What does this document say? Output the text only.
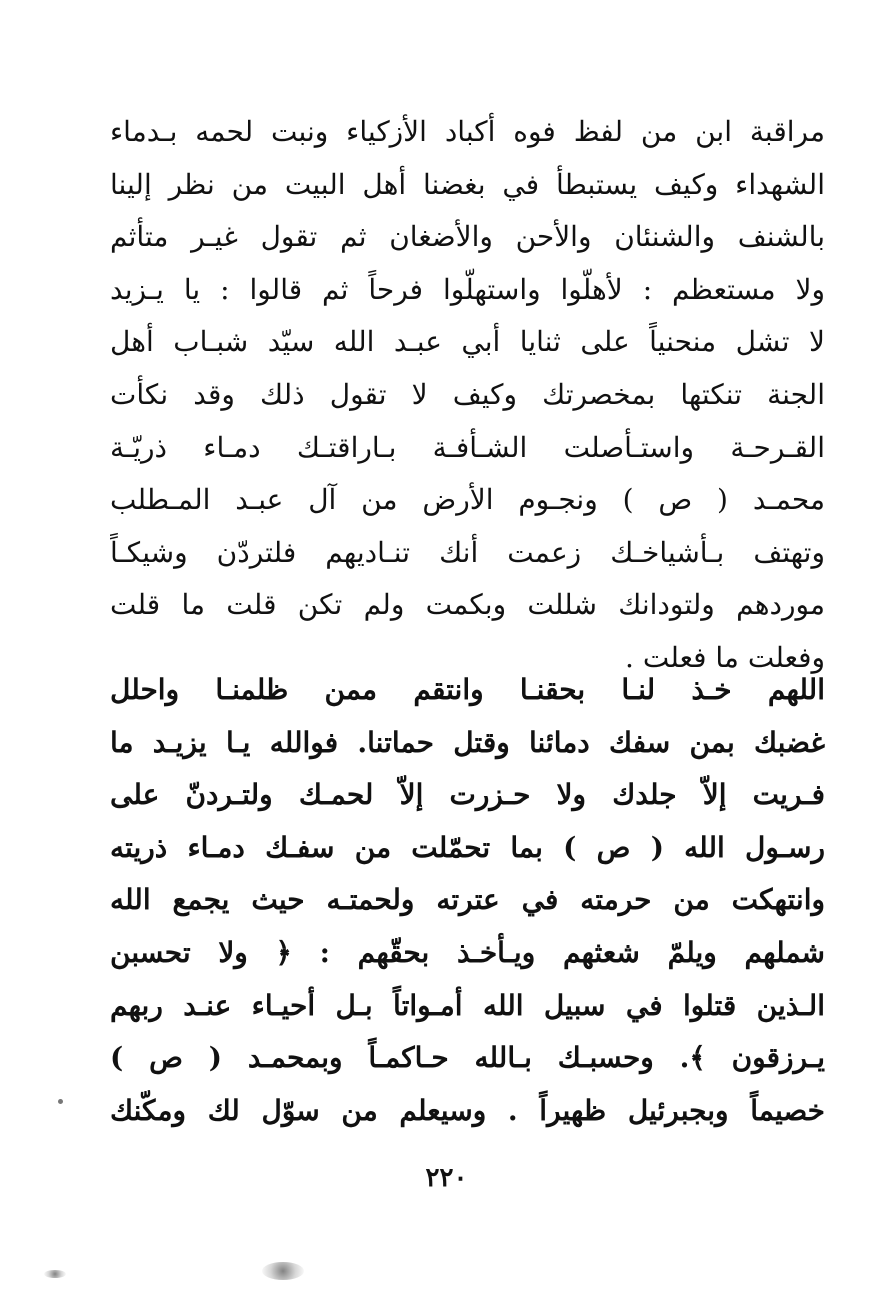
مراقبة ابن من لفظ فوه أكباد الأزكياء ونبت لحمه بـدماء
الشهداء وكيف يستبطأ في بغضنا أهل البيت من نظر إلينا
بالشنف والشنئان والأحن والأضغان ثم تقول غيـر متأثم
ولا مستعظم : لأهلّوا واستهلّوا فرحاً ثم قالوا : يا يـزيد
لا تشل منحنياً على ثنايا أبي عبـد الله سيّد شبـاب أهل
الجنة تنكتها بمخصرتك وكيف لا تقول ذلك وقد نكأت
القـرحـة واستـأصلت الشـأفـة بـاراقتـك دمـاء ذريّـة
محمـد ( ص ) ونجـوم الأرض من آل عبـد المـطلب
وتهتف بـأشياخـك زعمت أنك تنـاديهم فلتردّن وشيكـاً
موردهم ولتودانك شللت وبكمت ولم تكن قلت ما قلت
وفعلت ما فعلت .
اللهم خـذ لنـا بحقنـا وانتقم ممن ظلمنـا واحلل
غضبك بمن سفك دمائنا وقتل حماتنا. فوالله يـا يزيـد ما
فـريت إلاّ جلدك ولا حـزرت إلاّ لحمـك ولتـردنّ على
رسـول الله ( ص ) بما تحمّلت من سفـك دمـاء ذريته
وانتهكت من حرمته في عترته ولحمتـه حيث يجمع الله
شملهم ويلمّ شعثهم ويـأخـذ بحقّهم : ﴿ ولا تحسبن
الـذين قتلوا في سبيل الله أمـواتاً بـل أحيـاء عنـد ربهم
يـرزقون ﴾. وحسبـك بـالله حـاكمـاً وبمحمـد ( ص )
خصيماً وبجبرئيل ظهيراً . وسيعلم من سوّل لك ومكّنك
٢٢٠
